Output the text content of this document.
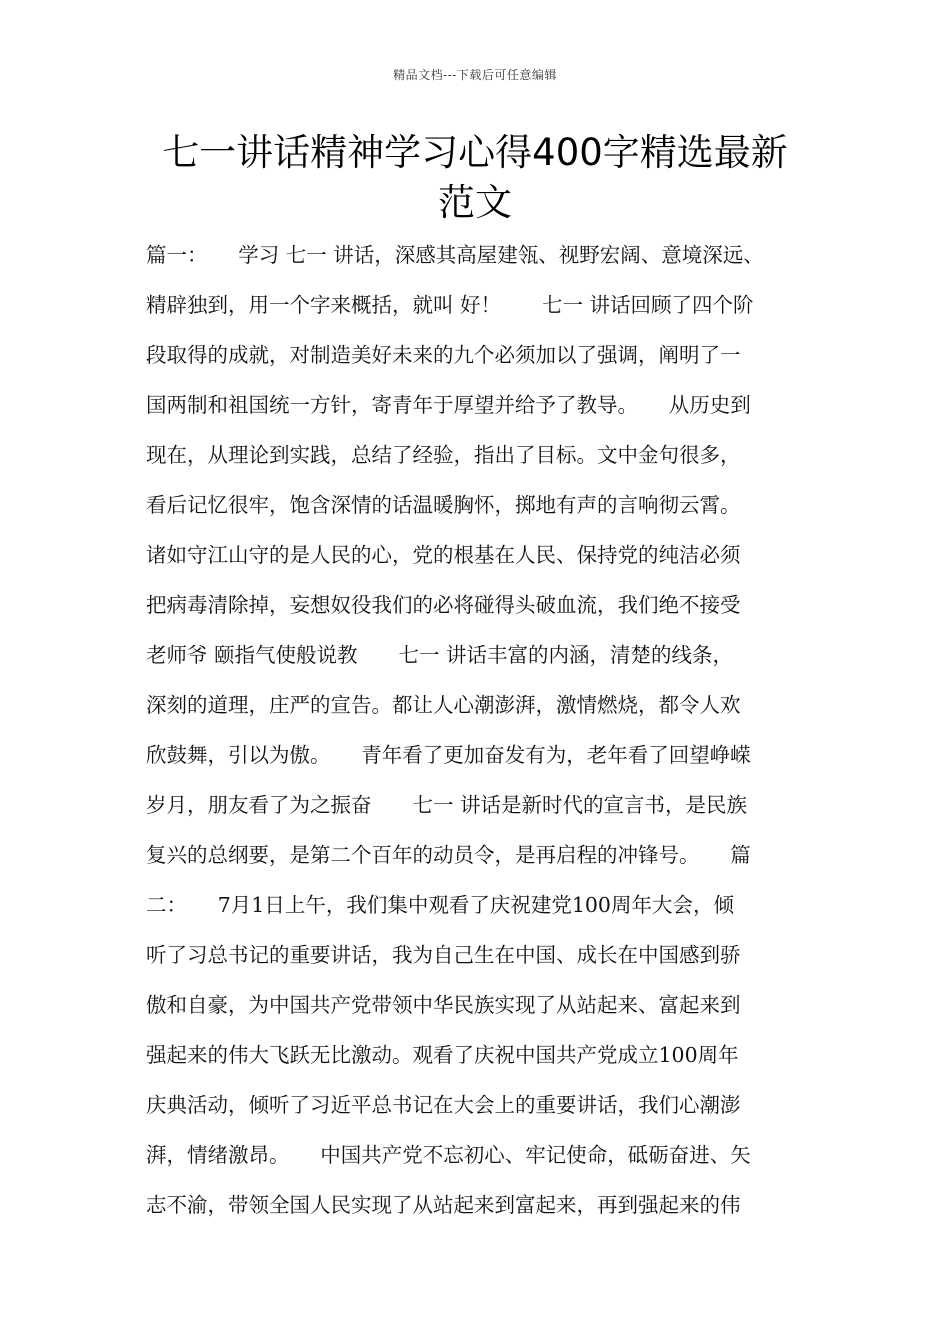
精品文档---下载后可任意编辑
七一讲话精神学习心得400字精选最新
范文
篇一：　　学习 七一 讲话，深感其高屋建瓴、视野宏阔、意境深远、
精辟独到，用一个字来概括，就叫 好！　　七一 讲话回顾了四个阶
段取得的成就，对制造美好未来的九个必须加以了强调，阐明了一
国两制和祖国统一方针，寄青年于厚望并给予了教导。　　从历史到
现在，从理论到实践，总结了经验，指出了目标。文中金句很多，
看后记忆很牢，饱含深情的话温暖胸怀，掷地有声的言响彻云霄。
诸如守江山守的是人民的心，党的根基在人民、保持党的纯洁必须
把病毒清除掉，妄想奴役我们的必将碰得头破血流，我们绝不接受
老师爷 颐指气使般说教　　七一 讲话丰富的内涵，清楚的线条，
深刻的道理，庄严的宣告。都让人心潮澎湃，激情燃烧，都令人欢
欣鼓舞，引以为傲。　　青年看了更加奋发有为，老年看了回望峥嵘
岁月，朋友看了为之振奋　　七一 讲话是新时代的宣言书，是民族
复兴的总纲要，是第二个百年的动员令，是再启程的冲锋号。　　篇
二：　　7月1日上午，我们集中观看了庆祝建党100周年大会，倾
听了习总书记的重要讲话，我为自己生在中国、成长在中国感到骄
傲和自豪，为中国共产党带领中华民族实现了从站起来、富起来到
强起来的伟大飞跃无比激动。观看了庆祝中国共产党成立100周年
庆典活动，倾听了习近平总书记在大会上的重要讲话，我们心潮澎
湃，情绪激昂。　　中国共产党不忘初心、牢记使命，砥砺奋进、矢
志不渝，带领全国人民实现了从站起来到富起来，再到强起来的伟
